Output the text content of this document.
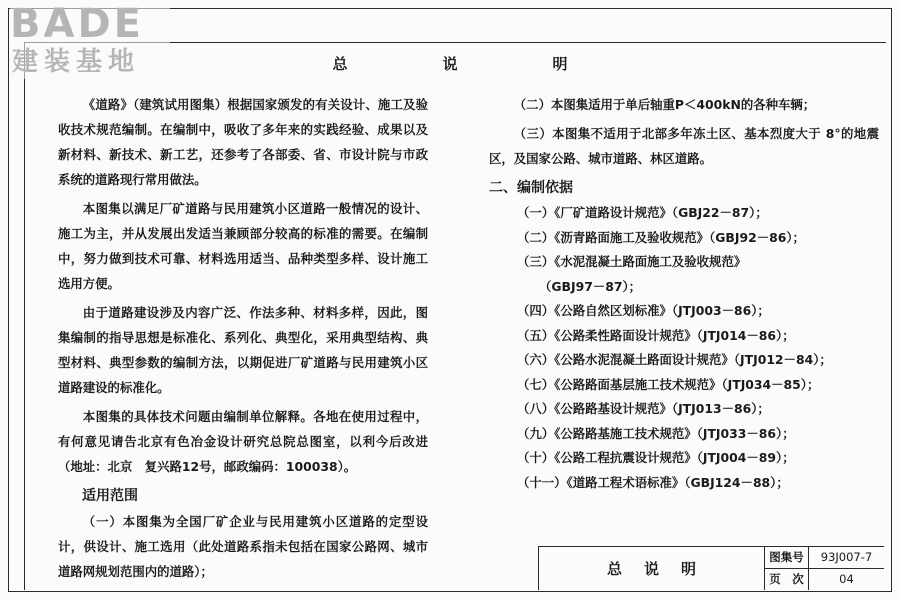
BADE
建装基地	总	说	明

《道路》（建筑试用图集）根据国家颁发的有关设计、施工及验收技术规范编制。在编制中，吸收了多年来的实践经验、成果以及新材料、新技术、新工艺，还参考了各部委、省、市设计院与市政系统的道路现行常用做法。

本图集以满足厂矿道路与民用建筑小区道路一般情况的设计、施工为主，并从发展出发适当兼顾部分较高的标准的需要。在编制中，努力做到技术可靠、材料选用适当、品种类型多样、设计施工选用方便。

由于道路建设涉及内容广泛、作法多种、材料多样，因此，图集编制的指导思想是标准化、系列化、典型化，采用典型结构、典型材料、典型参数的编制方法，以期促进厂矿道路与民用建筑小区道路建设的标准化。

本图集的具体技术问题由编制单位解释。各地在使用过程中，有何意见请告北京有色冶金设计研究总院总图室，以利今后改进　（地址：北京　复兴路12号，邮政编码：100038）。

适用范围

（一）本图集为全国厂矿企业与民用建筑小区道路的定型设计，供设计、施工选用（此处道路系指未包括在国家公路网、城市道路网规划范围内的道路）；

（二）本图集适用于单后轴重P＜400kN的各种车辆；

（三）本图集不适用于北部多年冻土区、基本烈度大于 8°的地震区，及国家公路、城市道路、林区道路。

二、编制依据

（一）《厂矿道路设计规范》（GBJ22－87）；
（二）《沥青路面施工及验收规范》（GBJ92－86）；
（三）《水泥混凝土路面施工及验收规范》
（GBJ97－87）；
（四）《公路自然区划标准》（JTJ003－86）；
（五）《公路柔性路面设计规范》（JTJ014－86）；
（六）《公路水泥混凝土路面设计规范》（JTJ012－84）；
（七）《公路路面基层施工技术规范》（JTJ034－85）；
（八）《公路路基设计规范》（JTJ013－86）；
（九）《公路路基施工技术规范》（JTJ033－86）；
（十）《公路工程抗震设计规范》（JTJ004－89）；
（十一）《道路工程术语标准》（GBJ124－88）；
总说明
图集号	93J007-7
页　次	04
